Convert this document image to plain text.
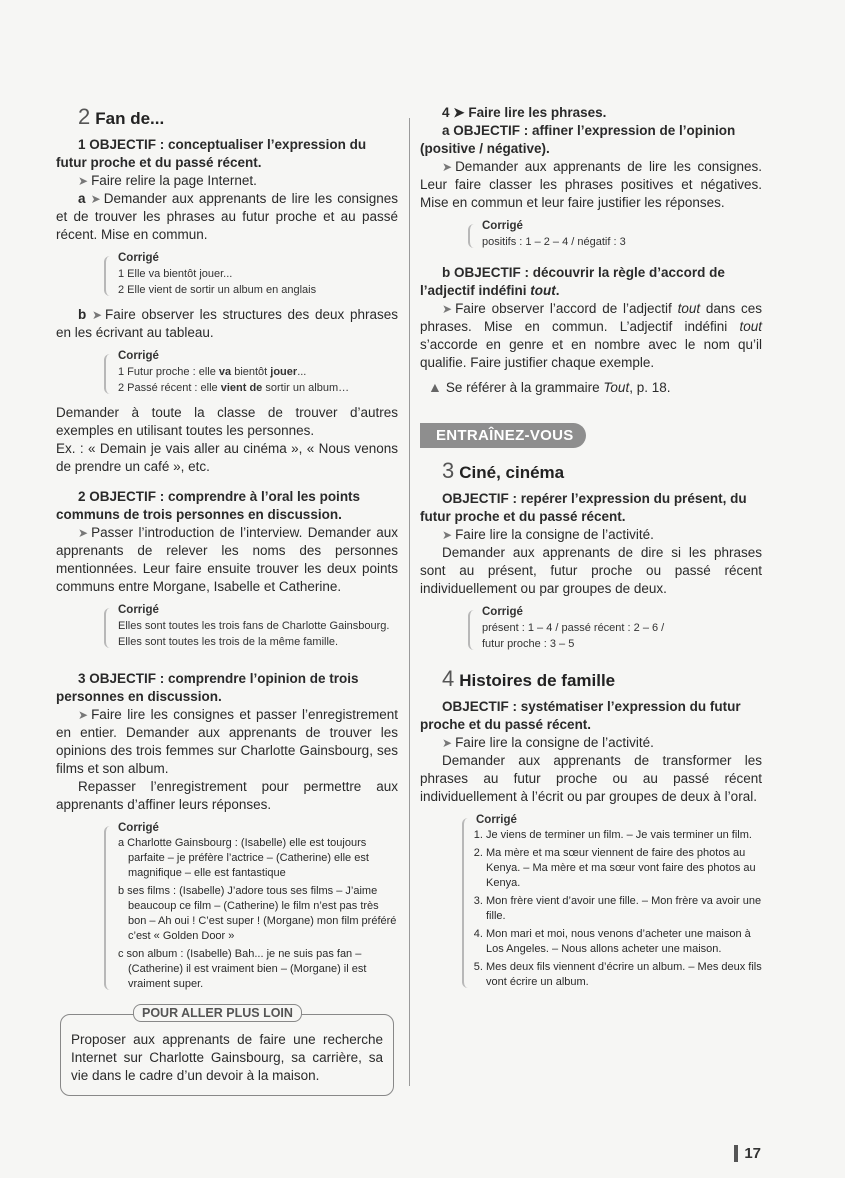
2 Fan de...

1 OBJECTIF : conceptualiser l’expression du futur proche et du passé récent.

➤ Faire relire la page Internet.

a ➤ Demander aux apprenants de lire les consignes et de trouver les phrases au futur proche et au passé récent. Mise en commun.

Corrigé
1 Elle va bientôt jouer...
2 Elle vient de sortir un album en anglais

b ➤ Faire observer les structures des deux phrases en les écrivant au tableau.

Corrigé
1 Futur proche : elle va bientôt jouer...
2 Passé récent : elle vient de sortir un album…

Demander à toute la classe de trouver d’autres exemples en utilisant toutes les personnes.

Ex. : « Demain je vais aller au cinéma », « Nous venons de prendre un café », etc.

2 OBJECTIF : comprendre à l’oral les points communs de trois personnes en discussion.

➤ Passer l’introduction de l’interview. Demander aux apprenants de relever les noms des personnes mentionnées. Leur faire ensuite trouver les deux points communs entre Morgane, Isabelle et Catherine.

Corrigé
Elles sont toutes les trois fans de Charlotte Gainsbourg.
Elles sont toutes les trois de la même famille.

3 OBJECTIF : comprendre l’opinion de trois personnes en discussion.

➤ Faire lire les consignes et passer l’enregistrement en entier. Demander aux apprenants de trouver les opinions des trois femmes sur Charlotte Gainsbourg, ses films et son album.

Repasser l’enregistrement pour permettre aux apprenants d’affiner leurs réponses.

Corrigé
a Charlotte Gainsbourg : (Isabelle) elle est toujours parfaite – je préfère l’actrice – (Catherine) elle est magnifique – elle est fantastique
b ses films : (Isabelle) J’adore tous ses films – J’aime beaucoup ce film – (Catherine) le film n’est pas très bon – Ah oui ! C’est super ! (Morgane) mon film préféré c’est « Golden Door »
c son album : (Isabelle) Bah... je ne suis pas fan – (Catherine) il est vraiment bien – (Morgane) il est vraiment super.
POUR ALLER PLUS LOIN

Proposer aux apprenants de faire une recherche Internet sur Charlotte Gainsbourg, sa carrière, sa vie dans le cadre d’un devoir à la maison.

4 ➤ Faire lire les phrases.

a OBJECTIF : affiner l’expression de l’opinion (positive / négative).

➤ Demander aux apprenants de lire les consignes. Leur faire classer les phrases positives et négatives. Mise en commun et leur faire justifier les réponses.

Corrigé
positifs : 1 – 2 – 4 / négatif : 3

b OBJECTIF : découvrir la règle d’accord de l’adjectif indéfini tout.

➤ Faire observer l’accord de l’adjectif tout dans ces phrases. Mise en commun. L’adjectif indéfini tout s’accorde en genre et en nombre avec le nom qu’il qualifie. Faire justifier chaque exemple.

▲ Se référer à la grammaire Tout, p. 18.

ENTRAÎNEZ-VOUS
3 Ciné, cinéma

OBJECTIF : repérer l’expression du présent, du futur proche et du passé récent.

➤ Faire lire la consigne de l’activité.

Demander aux apprenants de dire si les phrases sont au présent, futur proche ou passé récent individuellement ou par groupes de deux.

Corrigé
présent : 1 – 4 / passé récent : 2 – 6 /
futur proche : 3 – 5
4 Histoires de famille

OBJECTIF : systématiser l’expression du futur proche et du passé récent.

➤ Faire lire la consigne de l’activité.

Demander aux apprenants de transformer les phrases au futur proche ou au passé récent individuellement à l’écrit ou par groupes de deux à l’oral.

Corrigé
1. Je viens de terminer un film. – Je vais terminer un film.
2. Ma mère et ma sœur viennent de faire des photos au Kenya. – Ma mère et ma sœur vont faire des photos au Kenya.
3. Mon frère vient d’avoir une fille. – Mon frère va avoir une fille.
4. Mon mari et moi, nous venons d’acheter une maison à Los Angeles. – Nous allons acheter une maison.
5. Mes deux fils viennent d’écrire un album. – Mes deux fils vont écrire un album.
17
